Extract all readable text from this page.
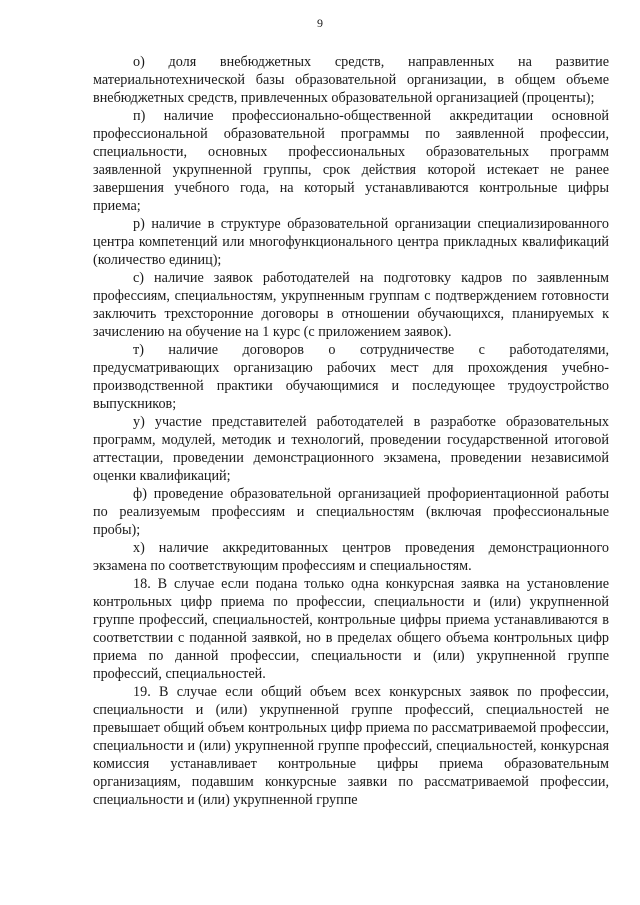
9

о) доля внебюджетных средств, направленных на развитие материальнотехнической базы образовательной организации, в общем объеме внебюджетных средств, привлеченных образовательной организацией (проценты);

п) наличие профессионально-общественной аккредитации основной профессиональной образовательной программы по заявленной профессии, специальности, основных профессиональных образовательных программ заявленной укрупненной группы, срок действия которой истекает не ранее завершения учебного года, на который устанавливаются контрольные цифры приема;

р) наличие в структуре образовательной организации специализированного центра компетенций или многофункционального центра прикладных квалификаций (количество единиц);

с) наличие заявок работодателей на подготовку кадров по заявленным профессиям, специальностям, укрупненным группам с подтверждением готовности заключить трехсторонние договоры в отношении обучающихся, планируемых к зачислению на обучение на 1 курс (с приложением заявок).

т) наличие договоров о сотрудничестве с работодателями, предусматривающих организацию рабочих мест для прохождения учебно-производственной практики обучающимися и последующее трудоустройство выпускников;

у) участие представителей работодателей в разработке образовательных программ, модулей, методик и технологий, проведении государственной итоговой аттестации, проведении демонстрационного экзамена, проведении независимой оценки квалификаций;

ф) проведение образовательной организацией профориентационной работы по реализуемым профессиям и специальностям (включая профессиональные пробы);

х) наличие аккредитованных центров проведения демонстрационного экзамена по соответствующим профессиям и специальностям.

18. В случае если подана только одна конкурсная заявка на установление контрольных цифр приема по профессии, специальности и (или) укрупненной группе профессий, специальностей, контрольные цифры приема устанавливаются в соответствии с поданной заявкой, но в пределах общего объема контрольных цифр приема по данной профессии, специальности и (или) укрупненной группе профессий, специальностей.

19. В случае если общий объем всех конкурсных заявок по профессии, специальности и (или) укрупненной группе профессий, специальностей не превышает общий объем контрольных цифр приема по рассматриваемой профессии, специальности и (или) укрупненной группе профессий, специальностей, конкурсная комиссия устанавливает контрольные цифры приема образовательным организациям, подавшим конкурсные заявки по рассматриваемой профессии, специальности и (или) укрупненной группе
